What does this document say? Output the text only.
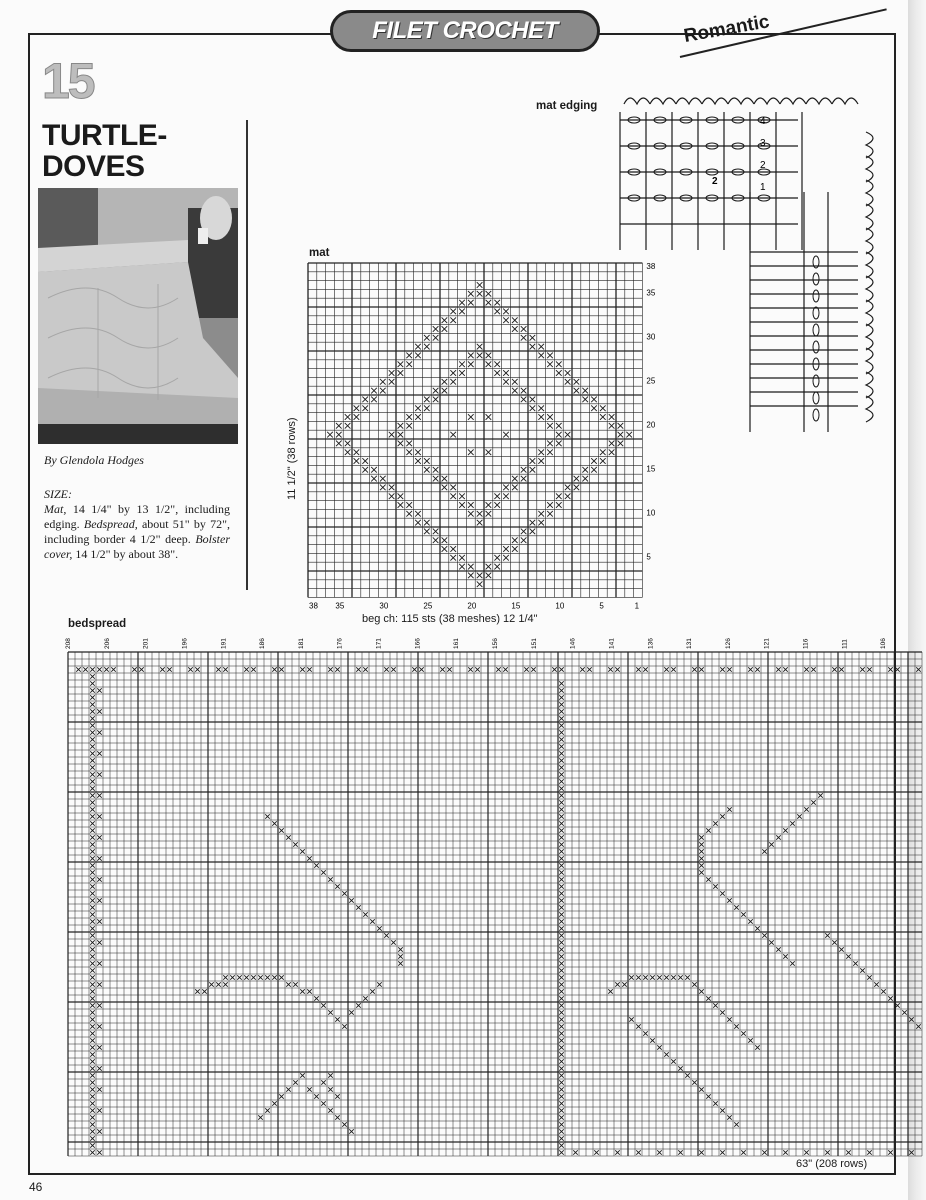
FILET CROCHET	Romantic
15
TURTLE-
DOVES
By Glendola Hodges
SIZE:
Mat, 14 1/4" by 13 1/2", including edging. Bedspread, about 51" by 72", including border 4 1/2" deep. Bolster cover, 14 1/2" by about 38".
mat edging
1
2
3
4
2
mat
11 1/2" (38 rows)
38
35
30
25
20
15
10
5
38 35	30	25	20	15	10	5	1
beg ch: 115 sts (38 meshes) 12 1/4"
bedspread
208	206	201	196	191	186	181	176	171	166	161	156	151	146	141	136	131	126	121	116	111	106
63" (208 rows)
46
